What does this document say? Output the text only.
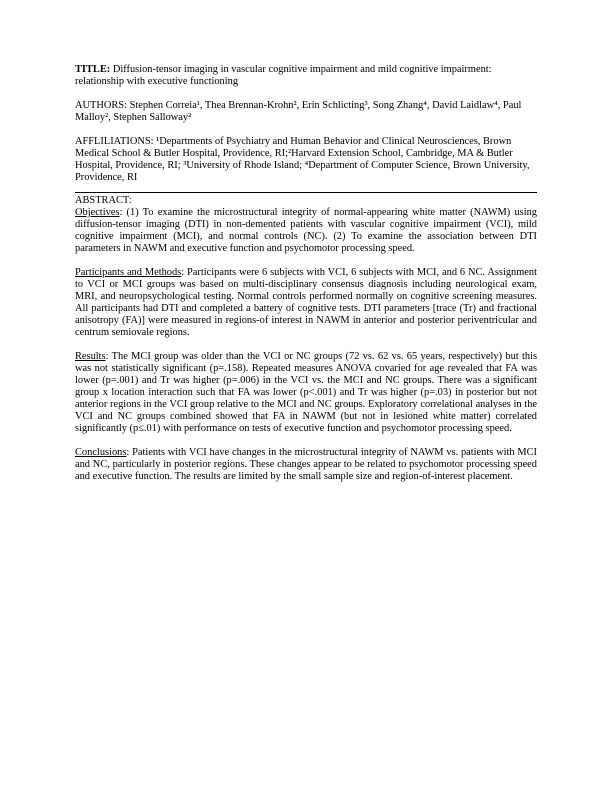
TITLE: Diffusion-tensor imaging in vascular cognitive impairment and mild cognitive impairment: relationship with executive functioning

AUTHORS: Stephen Correia¹, Thea Brennan-Krohn², Erin Schlicting³, Song Zhang⁴, David Laidlaw⁴, Paul Malloy², Stephen Salloway²

AFFLILIATIONS: ¹Departments of Psychiatry and Human Behavior and Clinical Neurosciences, Brown Medical School & Butler Hospital, Providence, RI;²Harvard Extension School, Cambridge, MA & Butler Hospital, Providence, RI; ³University of Rhode Island; ⁴Department of Computer Science, Brown University, Providence, RI

ABSTRACT:

Objectives: (1) To examine the microstructural integrity of normal-appearing white matter (NAWM) using diffusion-tensor imaging (DTI) in non-demented patients with vascular cognitive impairment (VCI), mild cognitive impairment (MCI), and normal controls (NC). (2) To examine the association between DTI parameters in NAWM and executive function and psychomotor processing speed.

Participants and Methods: Participants were 6 subjects with VCI, 6 subjects with MCI, and 6 NC. Assignment to VCI or MCI groups was based on multi-disciplinary consensus diagnosis including neurological exam, MRI, and neuropsychological testing. Normal controls performed normally on cognitive screening measures. All participants had DTI and completed a battery of cognitive tests. DTI parameters [trace (Tr) and fractional anisotropy (FA)] were measured in regions-of interest in NAWM in anterior and posterior periventricular and centrum semiovale regions.

Results: The MCI group was older than the VCI or NC groups (72 vs. 62 vs. 65 years, respectively) but this was not statistically significant (p=.158). Repeated measures ANOVA covaried for age revealed that FA was lower (p=.001) and Tr was higher (p=.006) in the VCI vs. the MCI and NC groups. There was a significant group x location interaction such that FA was lower (p<.001) and Tr was higher (p=.03) in posterior but not anterior regions in the VCI group relative to the MCI and NC groups. Exploratory correlational analyses in the VCI and NC groups combined showed that FA in NAWM (but not in lesioned white matter) correlated significantly (p≤.01) with performance on tests of executive function and psychomotor processing speed.

Conclusions: Patients with VCI have changes in the microstructural integrity of NAWM vs. patients with MCI and NC, particularly in posterior regions. These changes appear to be related to psychomotor processing speed and executive function. The results are limited by the small sample size and region-of-interest placement.
